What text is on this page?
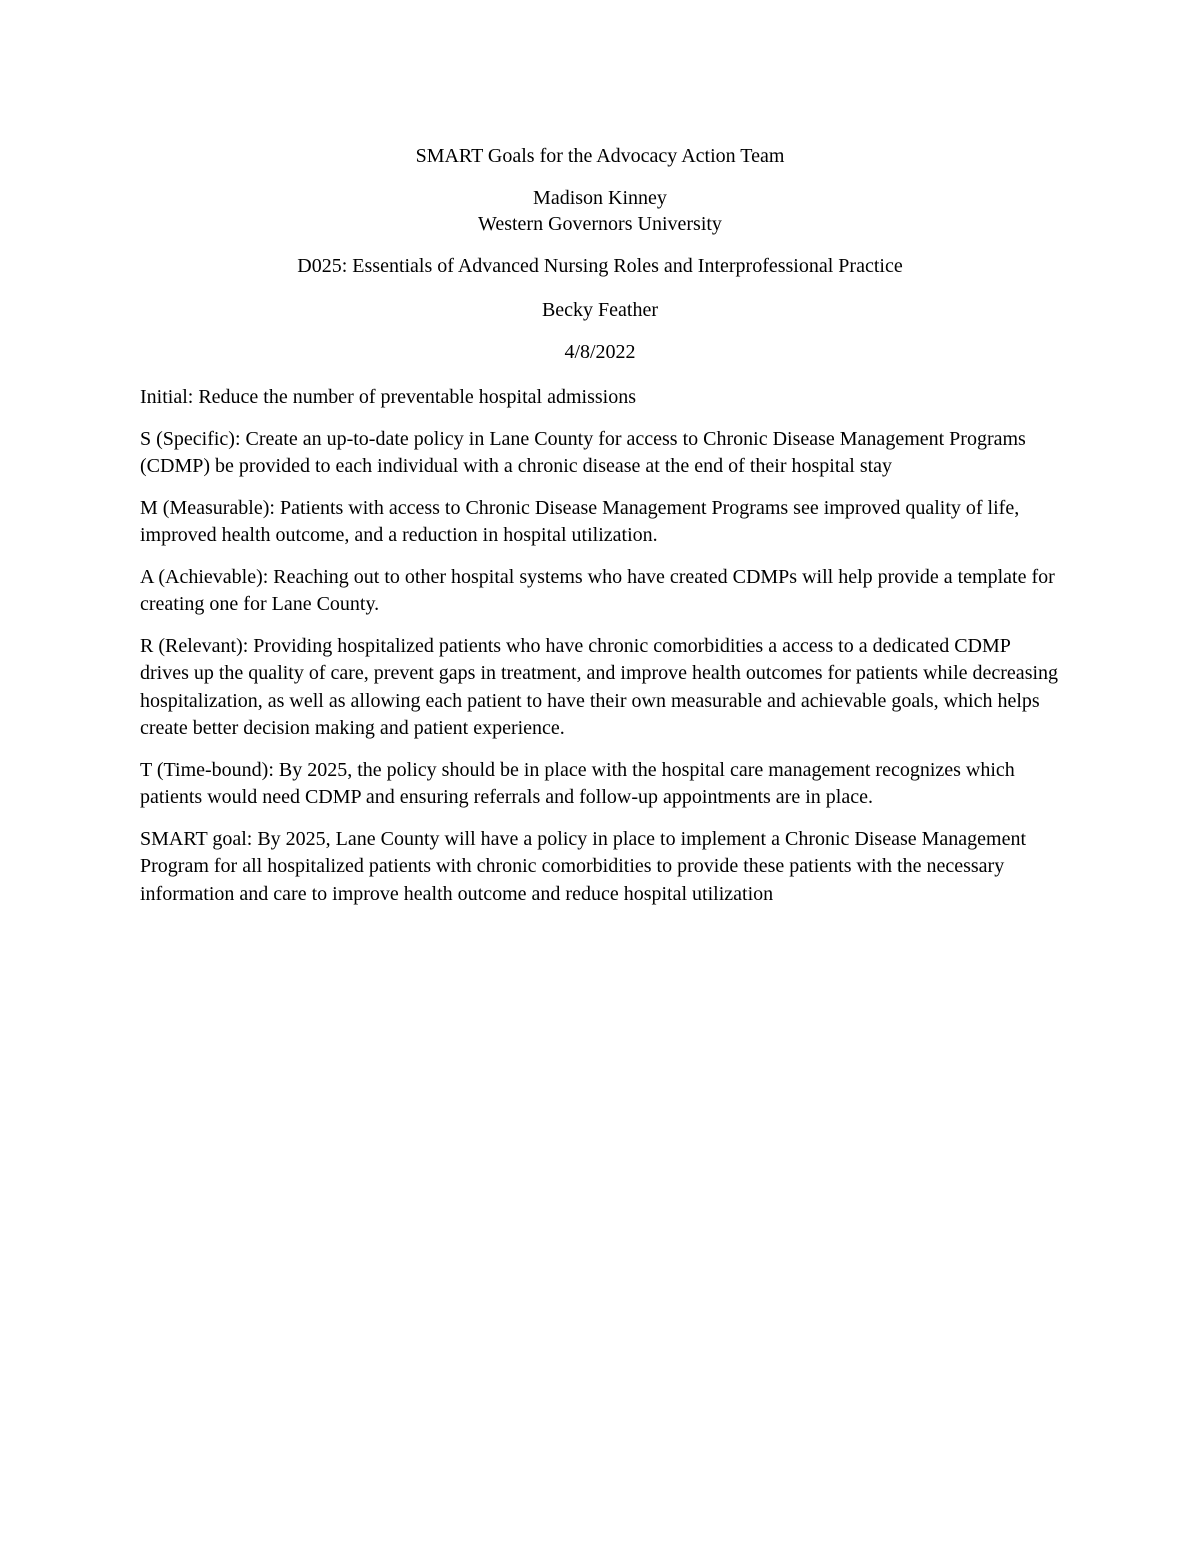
SMART Goals for the Advocacy Action Team

Madison Kinney

Western Governors University

D025: Essentials of Advanced Nursing Roles and Interprofessional Practice

Becky Feather

4/8/2022

Initial: Reduce the number of preventable hospital admissions

S (Specific): Create an up-to-date policy in Lane County for access to Chronic Disease Management Programs (CDMP) be provided to each individual with a chronic disease at the end of their hospital stay

M (Measurable): Patients with access to Chronic Disease Management Programs see improved quality of life, improved health outcome, and a reduction in hospital utilization.

A (Achievable): Reaching out to other hospital systems who have created CDMPs will help provide a template for creating one for Lane County.

R (Relevant): Providing hospitalized patients who have chronic comorbidities a access to a dedicated CDMP drives up the quality of care, prevent gaps in treatment, and improve health outcomes for patients while decreasing hospitalization, as well as allowing each patient to have their own measurable and achievable goals, which helps create better decision making and patient experience.

T (Time-bound): By 2025, the policy should be in place with the hospital care management recognizes which patients would need CDMP and ensuring referrals and follow-up appointments are in place.

SMART goal: By 2025, Lane County will have a policy in place to implement a Chronic Disease Management Program for all hospitalized patients with chronic comorbidities to provide these patients with the necessary information and care to improve health outcome and reduce hospital utilization
